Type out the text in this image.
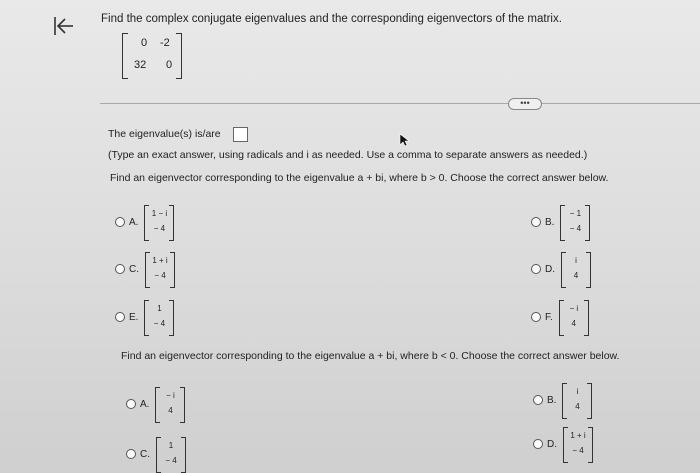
Find the complex conjugate eigenvalues and the corresponding eigenvectors of the matrix.
0 -2
32 0
•••
The eigenvalue(s) is/are
(Type an exact answer, using radicals and i as needed. Use a comma to separate answers as needed.)
Find an eigenvector corresponding to the eigenvalue a + bi, where b > 0. Choose the correct answer below.
A.
1 − i
− 4
B.
− 1
− 4
C.
1 + i
− 4
D.
i
4
E.
1
− 4
F.
− i
4
Find an eigenvector corresponding to the eigenvalue a + bi, where b < 0. Choose the correct answer below.
A.
− i
4
B.
i
4
C.
1
− 4
D.
1 + i
− 4
